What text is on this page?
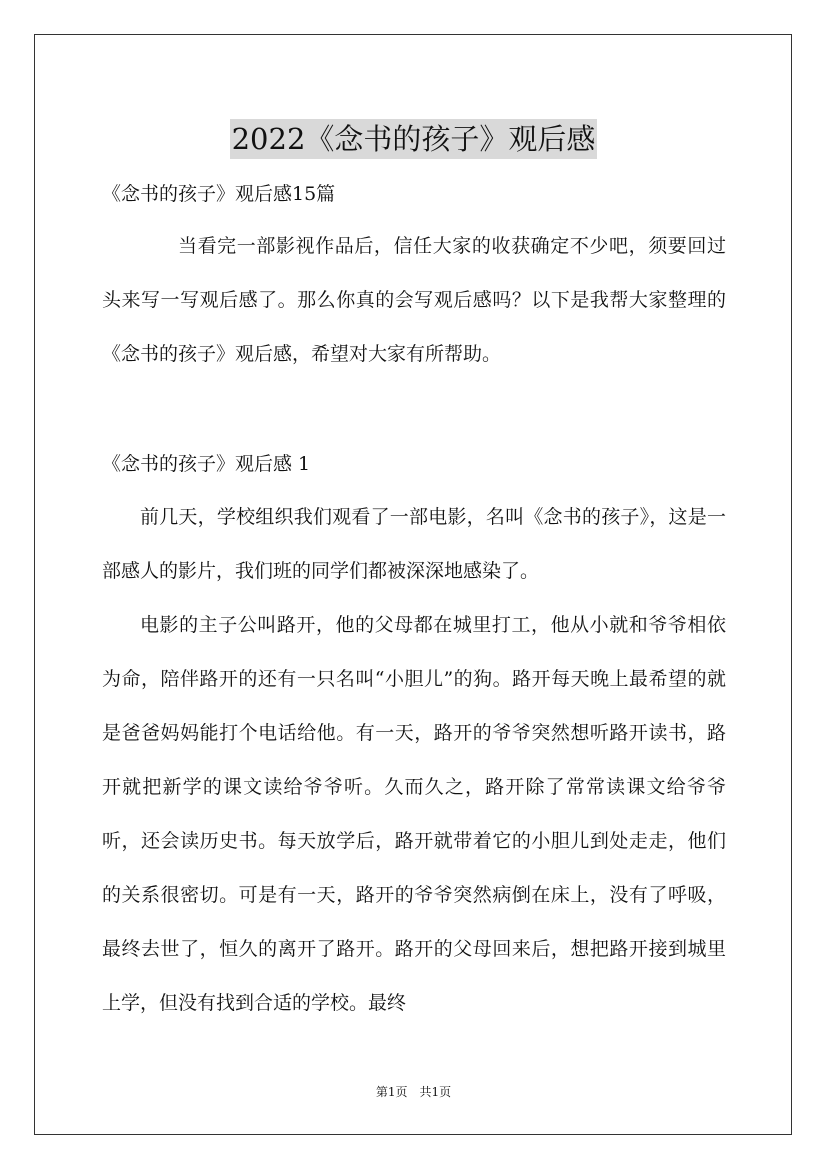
2022《念书的孩子》观后感

《念书的孩子》观后感15篇

当看完一部影视作品后，信任大家的收获确定不少吧，须要回过头来写一写观后感了。那么你真的会写观后感吗？以下是我帮大家整理的《念书的孩子》观后感，希望对大家有所帮助。

《念书的孩子》观后感 1

前几天，学校组织我们观看了一部电影，名叫《念书的孩子》，这是一部感人的影片，我们班的同学们都被深深地感染了。

电影的主子公叫路开，他的父母都在城里打工，他从小就和爷爷相依为命，陪伴路开的还有一只名叫“小胆儿”的狗。路开每天晚上最希望的就是爸爸妈妈能打个电话给他。有一天，路开的爷爷突然想听路开读书，路开就把新学的课文读给爷爷听。久而久之，路开除了常常读课文给爷爷听，还会读历史书。每天放学后，路开就带着它的小胆儿到处走走，他们的关系很密切。可是有一天，路开的爷爷突然病倒在床上，没有了呼吸，最终去世了，恒久的离开了路开。路开的父母回来后，想把路开接到城里上学，但没有找到合适的学校。最终

第1页　共1页
